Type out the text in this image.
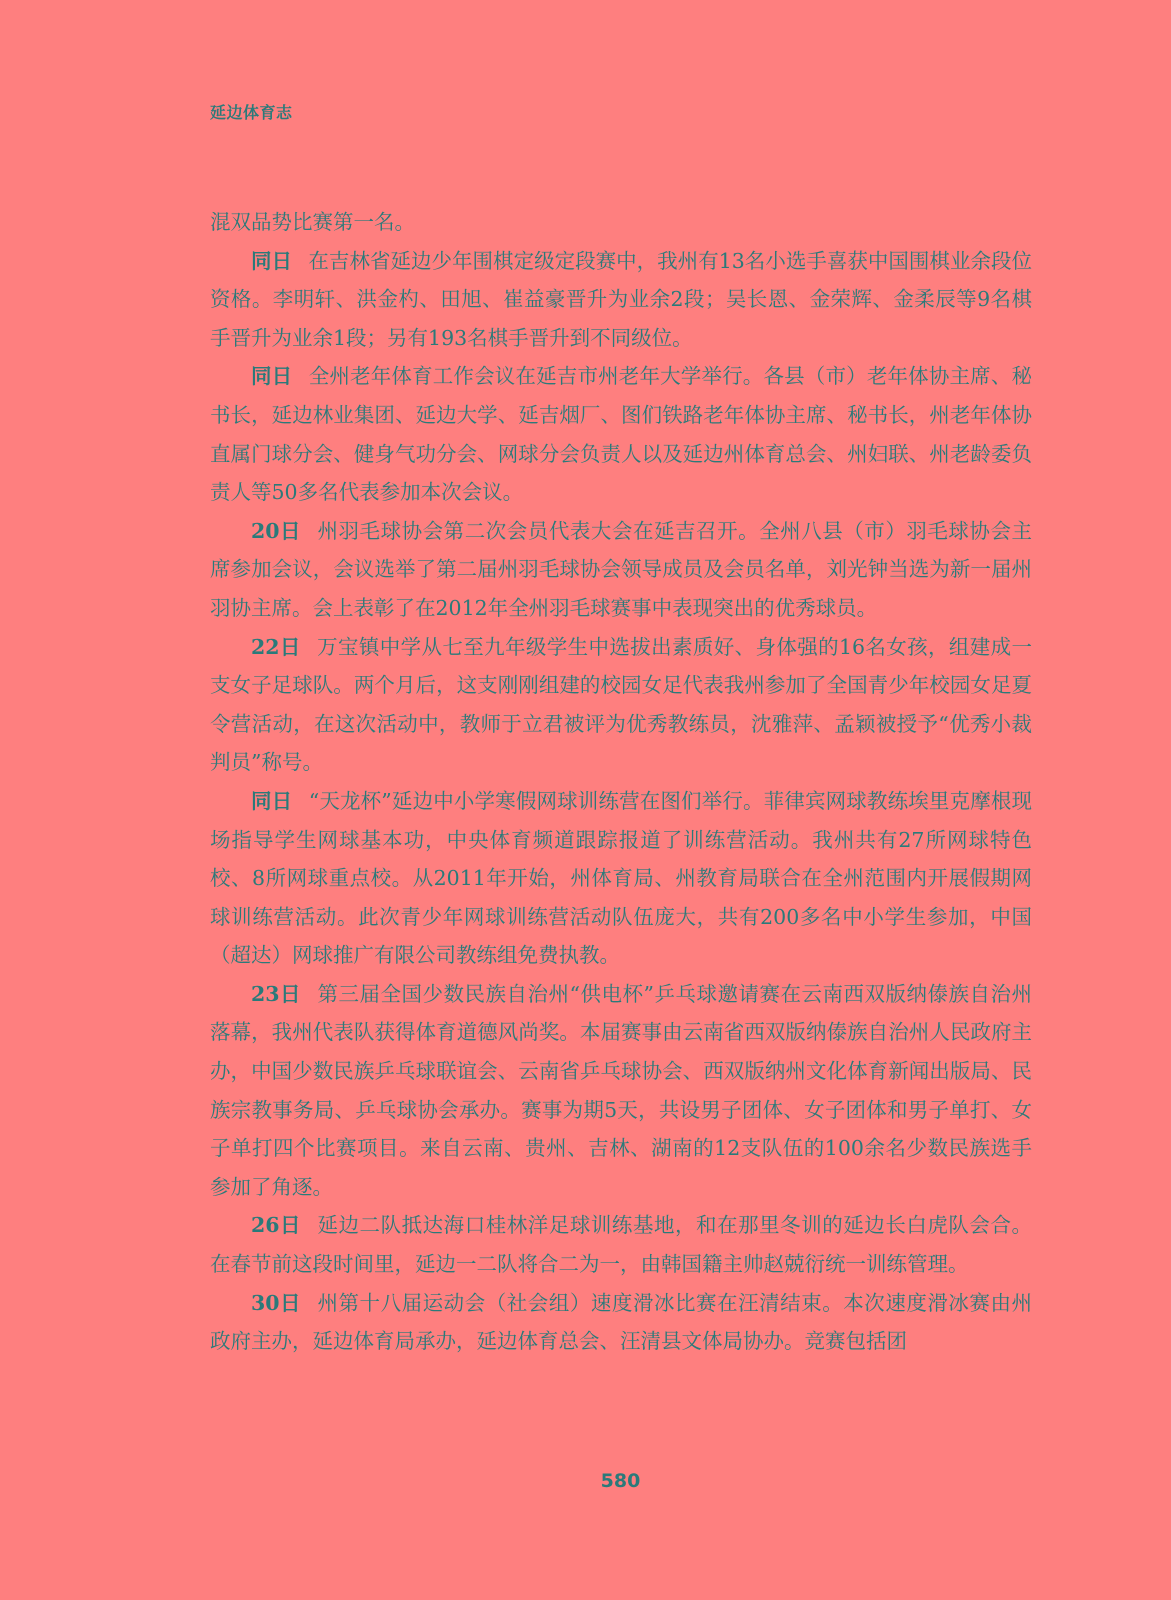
延边体育志

混双品势比赛第一名。

同日 在吉林省延边少年围棋定级定段赛中，我州有13名小选手喜获中国围棋业余段位资格。李明轩、洪金杓、田旭、崔益豪晋升为业余2段；吴长恩、金荣辉、金柔辰等9名棋手晋升为业余1段；另有193名棋手晋升到不同级位。

同日 全州老年体育工作会议在延吉市州老年大学举行。各县（市）老年体协主席、秘书长，延边林业集团、延边大学、延吉烟厂、图们铁路老年体协主席、秘书长，州老年体协直属门球分会、健身气功分会、网球分会负责人以及延边州体育总会、州妇联、州老龄委负责人等50多名代表参加本次会议。

20日 州羽毛球协会第二次会员代表大会在延吉召开。全州八县（市）羽毛球协会主席参加会议，会议选举了第二届州羽毛球协会领导成员及会员名单，刘光钟当选为新一届州羽协主席。会上表彰了在2012年全州羽毛球赛事中表现突出的优秀球员。

22日 万宝镇中学从七至九年级学生中选拔出素质好、身体强的16名女孩，组建成一支女子足球队。两个月后，这支刚刚组建的校园女足代表我州参加了全国青少年校园女足夏令营活动，在这次活动中，教师于立君被评为优秀教练员，沈雅萍、孟颖被授予“优秀小裁判员”称号。

同日 “天龙杯”延边中小学寒假网球训练营在图们举行。菲律宾网球教练埃里克摩根现场指导学生网球基本功，中央体育频道跟踪报道了训练营活动。我州共有27所网球特色校、8所网球重点校。从2011年开始，州体育局、州教育局联合在全州范围内开展假期网球训练营活动。此次青少年网球训练营活动队伍庞大，共有200多名中小学生参加，中国（超达）网球推广有限公司教练组免费执教。

23日 第三届全国少数民族自治州“供电杯”乒乓球邀请赛在云南西双版纳傣族自治州落幕，我州代表队获得体育道德风尚奖。本届赛事由云南省西双版纳傣族自治州人民政府主办，中国少数民族乒乓球联谊会、云南省乒乓球协会、西双版纳州文化体育新闻出版局、民族宗教事务局、乒乓球协会承办。赛事为期5天，共设男子团体、女子团体和男子单打、女子单打四个比赛项目。来自云南、贵州、吉林、湖南的12支队伍的100余名少数民族选手参加了角逐。

26日 延边二队抵达海口桂林洋足球训练基地，和在那里冬训的延边长白虎队会合。在春节前这段时间里，延边一二队将合二为一，由韩国籍主帅赵兢衍统一训练管理。

30日 州第十八届运动会（社会组）速度滑冰比赛在汪清结束。本次速度滑冰赛由州政府主办，延边体育局承办，延边体育总会、汪清县文体局协办。竞赛包括团

580
